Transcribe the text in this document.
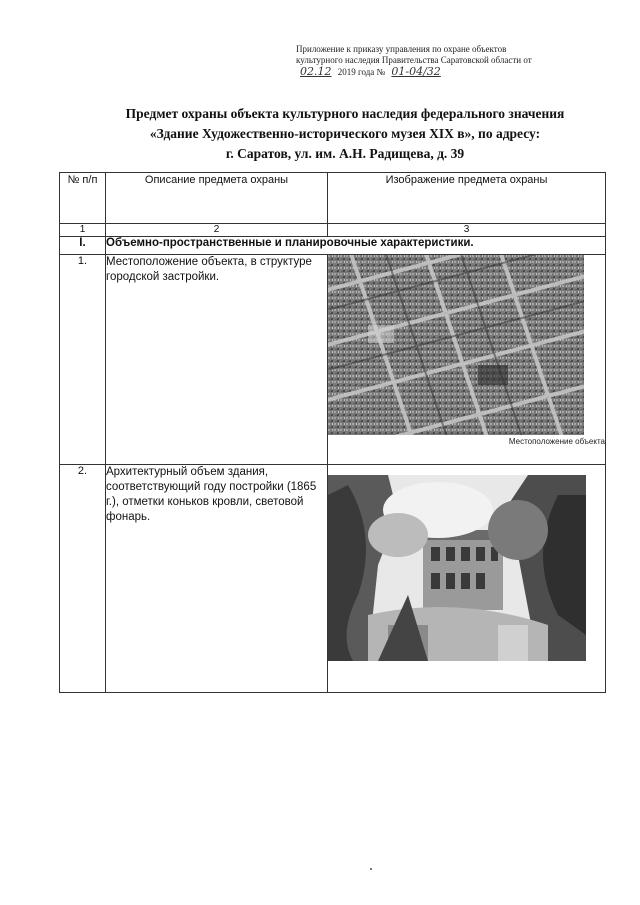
Приложение к приказу управления по охране объектов
культурного наследия Правительства Саратовской области от
02.12 2019 года № 01-04/32
Предмет охраны объекта культурного наследия федерального значения
«Здание Художественно-исторического музея XIX в», по адресу:
г. Саратов, ул. им. А.Н. Радищева, д. 39
№ п/п	Описание предмета охраны	Изображение предмета охраны
1	2	3
I.	Объемно-пространственные и планировочные характеристики.	
1.	Местоположение объекта, в структуре городской застройки.	Местоположение объекта

2.	Архитектурный объем здания, соответствующий году постройки (1865 г.), отметки коньков кровли, световой фонарь.	
